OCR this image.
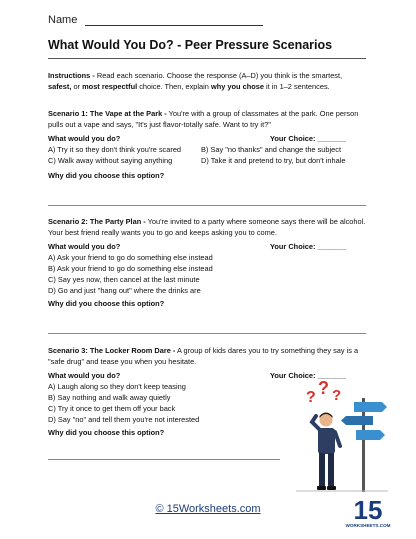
Name
What Would You Do? - Peer Pressure Scenarios
Instructions - Read each scenario. Choose the response (A–D) you think is the smartest,
safest, or most respectful choice. Then, explain why you chose it in 1–2 sentences.
Scenario 1: The Vape at the Park - You're with a group of classmates at the park. One person pulls out a vape and says, "It's just flavor-totally safe. Want to try it?"
What would you do?	Your Choice: _______
A) Try it so they don't think you're scared	B) Say "no thanks" and change the subject
C) Walk away without saying anything	D) Take it and pretend to try, but don't inhale
Why did you choose this option?
Scenario 2: The Party Plan - You're invited to a party where someone says there will be alcohol. Your best friend really wants you to go and keeps asking you to come.
What would you do?	Your Choice: _______
A) Ask your friend to go do something else instead
B) Ask your friend to go do something else instead
C) Say yes now, then cancel at the last minute
D) Go and just "hang out" where the drinks are
Why did you choose this option?
Scenario 3: The Locker Room Dare - A group of kids dares you to try something they say is a "safe drug" and tease you when you hesitate.
What would you do?	Your Choice: _______
A) Laugh along so they don't keep teasing
B) Say nothing and walk away quietly
C) Try it once to get them off your back
D) Say "no" and tell them you're not interested
Why did you choose this option?
? ? ?
© 15Worksheets.com	15
WORKSHEETS.COM
